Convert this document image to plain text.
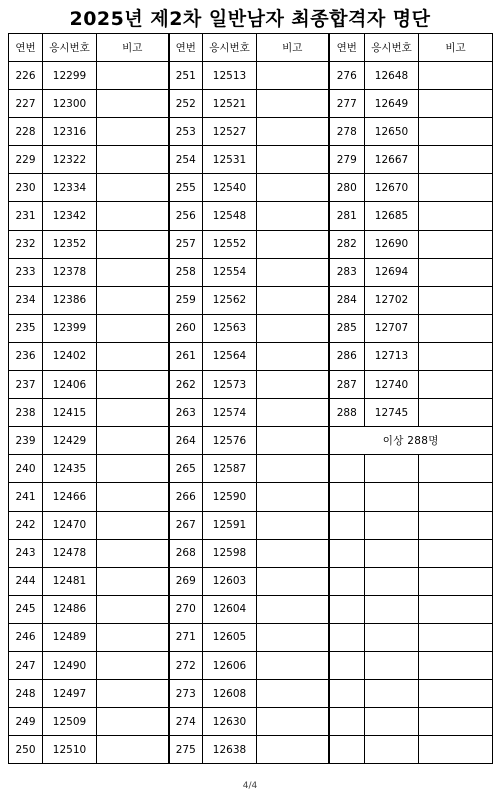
2025년 제2차 일반남자 최종합격자 명단
연번	응시번호	비고	연번	응시번호	비고	연번	응시번호	비고
226	12299		251	12513		276	12648	
227	12300		252	12521		277	12649	
228	12316		253	12527		278	12650	
229	12322		254	12531		279	12667	
230	12334		255	12540		280	12670	
231	12342		256	12548		281	12685	
232	12352		257	12552		282	12690	
233	12378		258	12554		283	12694	
234	12386		259	12562		284	12702	
235	12399		260	12563		285	12707	
236	12402		261	12564		286	12713	
237	12406		262	12573		287	12740	
238	12415		263	12574		288	12745	
239	12429		264	12576		이상 288명		
240	12435		265	12587				
241	12466		266	12590				
242	12470		267	12591				
243	12478		268	12598				
244	12481		269	12603				
245	12486		270	12604				
246	12489		271	12605				
247	12490		272	12606				
248	12497		273	12608				
249	12509		274	12630				
250	12510		275	12638				
4/4
